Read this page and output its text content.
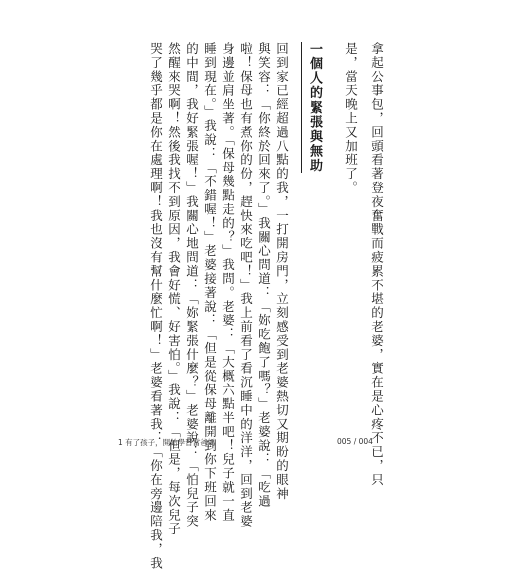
拿起公事包，回頭看著登夜奮戰而疲累不堪的老婆，實在是心疼不已，只
是，當天晚上又加班了。
一個人的緊張與無助
回到家已經超過八點的我，一打開房門，立刻感受到老婆熱切又期盼的眼神
與笑容：「你終於回來了。」我關心問道：「妳吃飽了嗎？」老婆說：「吃過
啦！保母也有煮你的份，趕快來吃吧！」我上前看了看沉睡中的洋洋，回到老婆
身邊並肩坐著。「保母幾點走的？」我問。老婆：「大概六點半吧！兒子就一直
睡到現在。」我說：「不錯喔！」老婆接著說：「但是從保母離開到你下班回來
的中間，我好緊張喔！」我關心地問道：「妳緊張什麼？」老婆說：「怕兒子突
然醒來哭啊！然後我找不到原因，我會好慌、好害怕。」我說：「但是，每次兒子
哭了幾乎都是你在處理啊！我也沒有幫什麼忙啊！」老婆看著我：「你在旁邊陪我，我
1 有了孩子，開始學習當爸媽	005 / 004
